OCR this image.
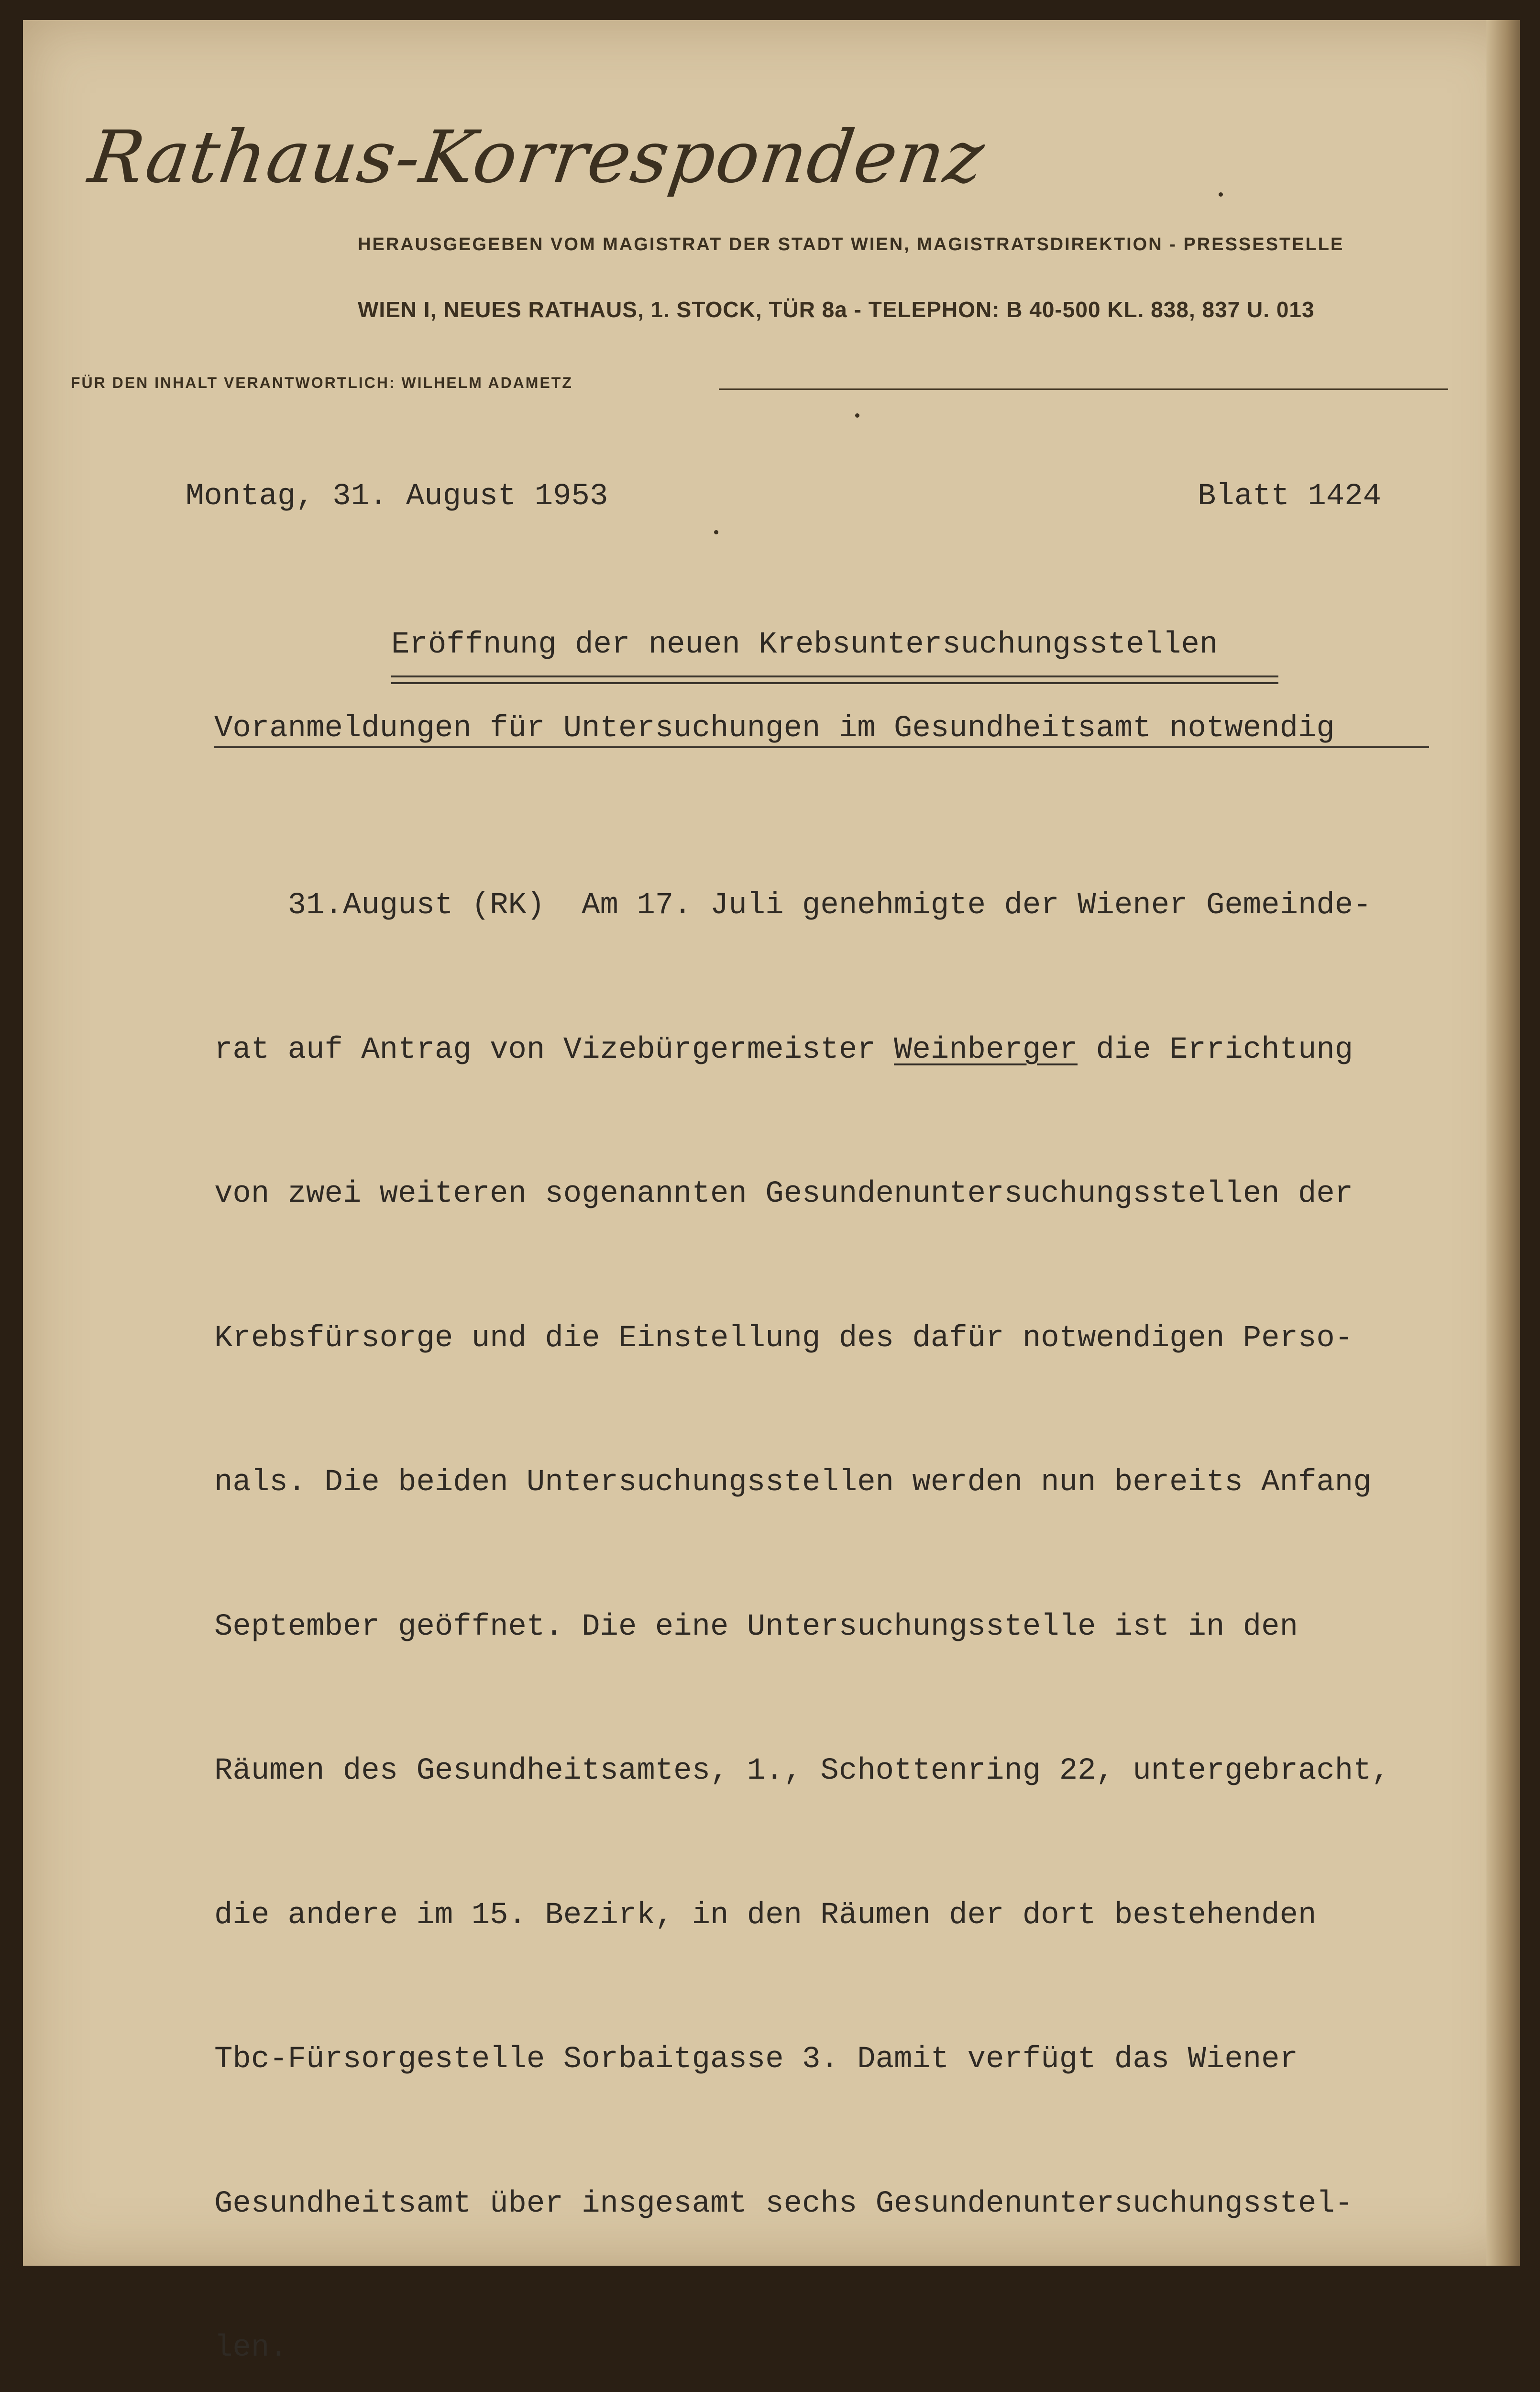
Rathaus-Korrespondenz
HERAUSGEGEBEN VOM MAGISTRAT DER STADT WIEN, MAGISTRATSDIREKTION - PRESSESTELLE
WIEN I, NEUES RATHAUS, 1. STOCK, TÜR 8a - TELEPHON: B 40-500 KL. 838, 837 U. 013
FÜR DEN INHALT VERANTWORTLICH: WILHELM ADAMETZ
Montag, 31. August 1953	Blatt 1424
Eröffnung der neuen Krebsuntersuchungsstellen
Voranmeldungen für Untersuchungen im Gesundheitsamt notwendig

31.August (RK)  Am 17. Juli genehmigte der Wiener Gemeinde-

rat auf Antrag von Vizebürgermeister Weinberger die Errichtung

von zwei weiteren sogenannten Gesundenuntersuchungsstellen der

Krebsfürsorge und die Einstellung des dafür notwendigen Perso-

nals. Die beiden Untersuchungsstellen werden nun bereits Anfang

September geöffnet. Die eine Untersuchungsstelle ist in den

Räumen des Gesundheitsamtes, 1., Schottenring 22, untergebracht,

die andere im 15. Bezirk, in den Räumen der dort bestehenden

Tbc-Fürsorgestelle Sorbaitgasse 3. Damit verfügt das Wiener

Gesundheitsamt über insgesamt sechs Gesundenuntersuchungsstel-

len.
